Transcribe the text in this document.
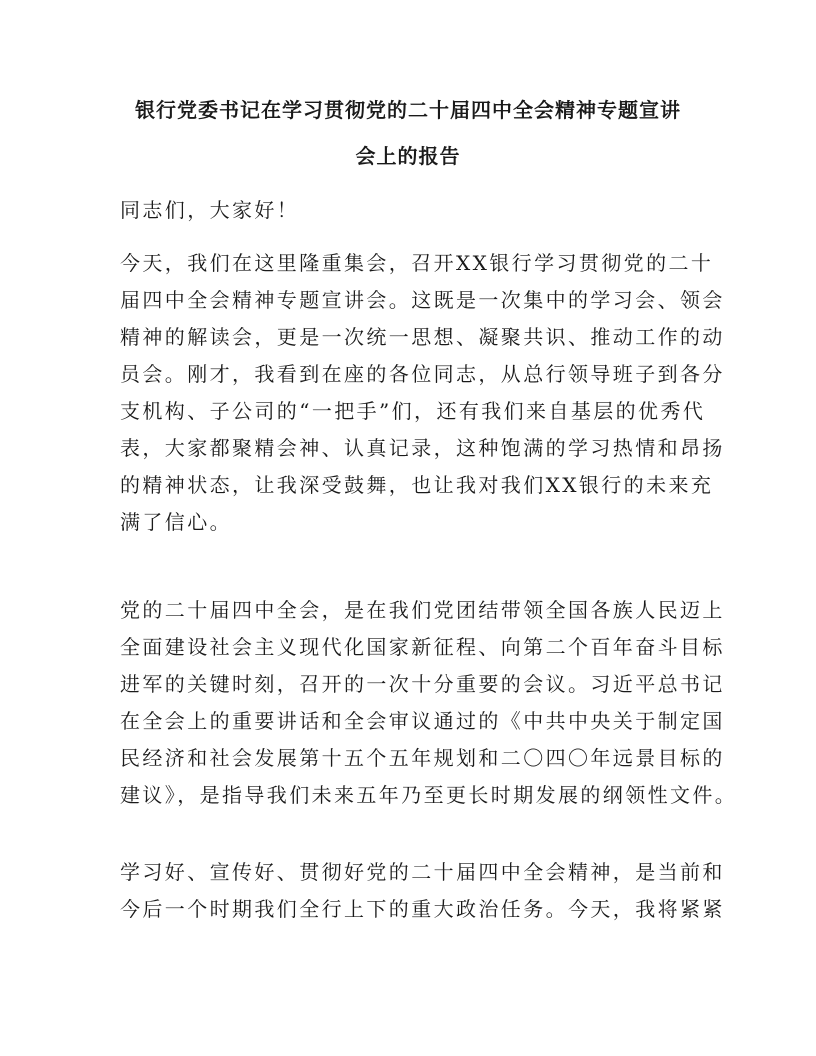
银行党委书记在学习贯彻党的二十届四中全会精神专题宣讲
会上的报告
同志们，大家好！
今天，我们在这里隆重集会，召开XX银行学习贯彻党的二十
届四中全会精神专题宣讲会。这既是一次集中的学习会、领会
精神的解读会，更是一次统一思想、凝聚共识、推动工作的动
员会。刚才，我看到在座的各位同志，从总行领导班子到各分
支机构、子公司的“一把手”们，还有我们来自基层的优秀代
表，大家都聚精会神、认真记录，这种饱满的学习热情和昂扬
的精神状态，让我深受鼓舞，也让我对我们XX银行的未来充
满了信心。
党的二十届四中全会，是在我们党团结带领全国各族人民迈上
全面建设社会主义现代化国家新征程、向第二个百年奋斗目标
进军的关键时刻，召开的一次十分重要的会议。习近平总书记
在全会上的重要讲话和全会审议通过的《中共中央关于制定国
民经济和社会发展第十五个五年规划和二〇四〇年远景目标的
建议》，是指导我们未来五年乃至更长时期发展的纲领性文件。
学习好、宣传好、贯彻好党的二十届四中全会精神，是当前和
今后一个时期我们全行上下的重大政治任务。今天，我将紧紧
